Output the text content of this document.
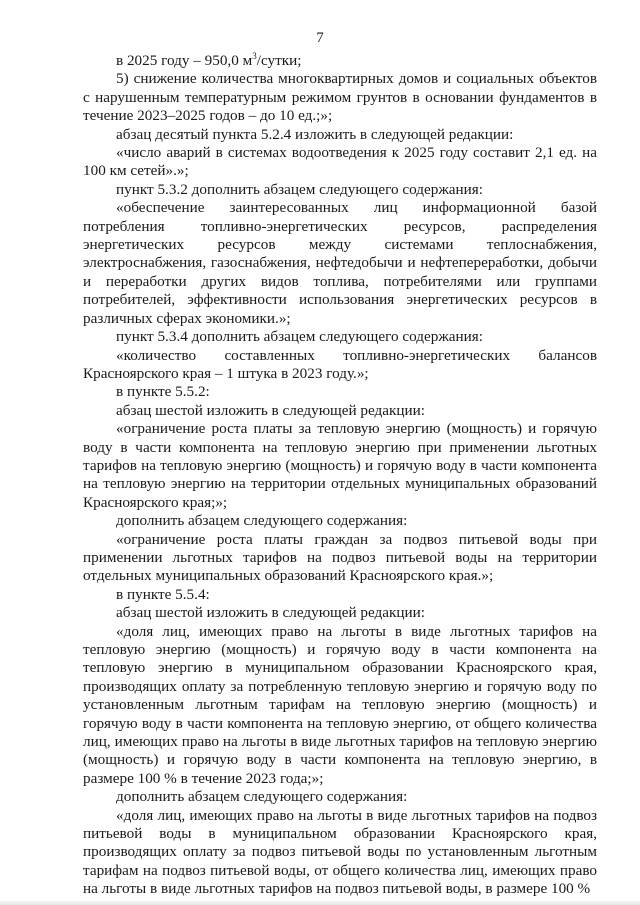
7

в 2025 году – 950,0 $м^3$/сутки;

5) снижение количества многоквартирных домов и социальных объектов с нарушенным температурным режимом грунтов в основании фундаментов в течение 2023–2025 годов – до 10 ед.;»;

абзац десятый пункта 5.2.4 изложить в следующей редакции:

«число аварий в системах водоотведения к 2025 году составит 2,1 ед. на 100 км сетей».»;

пункт 5.3.2 дополнить абзацем следующего содержания:

«обеспечение заинтересованных лиц информационной базой потребления топливно-энергетических ресурсов, распределения энергетических ресурсов между системами теплоснабжения, электроснабжения, газоснабжения, нефтедобычи и нефтепереработки, добычи и переработки других видов топлива, потребителями или группами потребителей, эффективности использования энергетических ресурсов в различных сферах экономики.»;

пункт 5.3.4 дополнить абзацем следующего содержания:

«количество составленных топливно-энергетических балансов Красноярского края – 1 штука в 2023 году.»;

в пункте 5.5.2:

абзац шестой изложить в следующей редакции:

«ограничение роста платы за тепловую энергию (мощность) и горячую воду в части компонента на тепловую энергию при применении льготных тарифов на тепловую энергию (мощность) и горячую воду в части компонента на тепловую энергию на территории отдельных муниципальных образований Красноярского края;»;

дополнить абзацем следующего содержания:

«ограничение роста платы граждан за подвоз питьевой воды при применении льготных тарифов на подвоз питьевой воды на территории отдельных муниципальных образований Красноярского края.»;

в пункте 5.5.4:

абзац шестой изложить в следующей редакции:

«доля лиц, имеющих право на льготы в виде льготных тарифов на тепловую энергию (мощность) и горячую воду в части компонента на тепловую энергию в муниципальном образовании Красноярского края, производящих оплату за потребленную тепловую энергию и горячую воду по установленным льготным тарифам на тепловую энергию (мощность) и горячую воду в части компонента на тепловую энергию, от общего количества лиц, имеющих право на льготы в виде льготных тарифов на тепловую энергию (мощность) и горячую воду в части компонента на тепловую энергию, в размере 100 % в течение 2023 года;»;

дополнить абзацем следующего содержания:

«доля лиц, имеющих право на льготы в виде льготных тарифов на подвоз питьевой воды в муниципальном образовании Красноярского края, производящих оплату за подвоз питьевой воды по установленным льготным тарифам на подвоз питьевой воды, от общего количества лиц, имеющих право на льготы в виде льготных тарифов на подвоз питьевой воды, в размере 100 %
